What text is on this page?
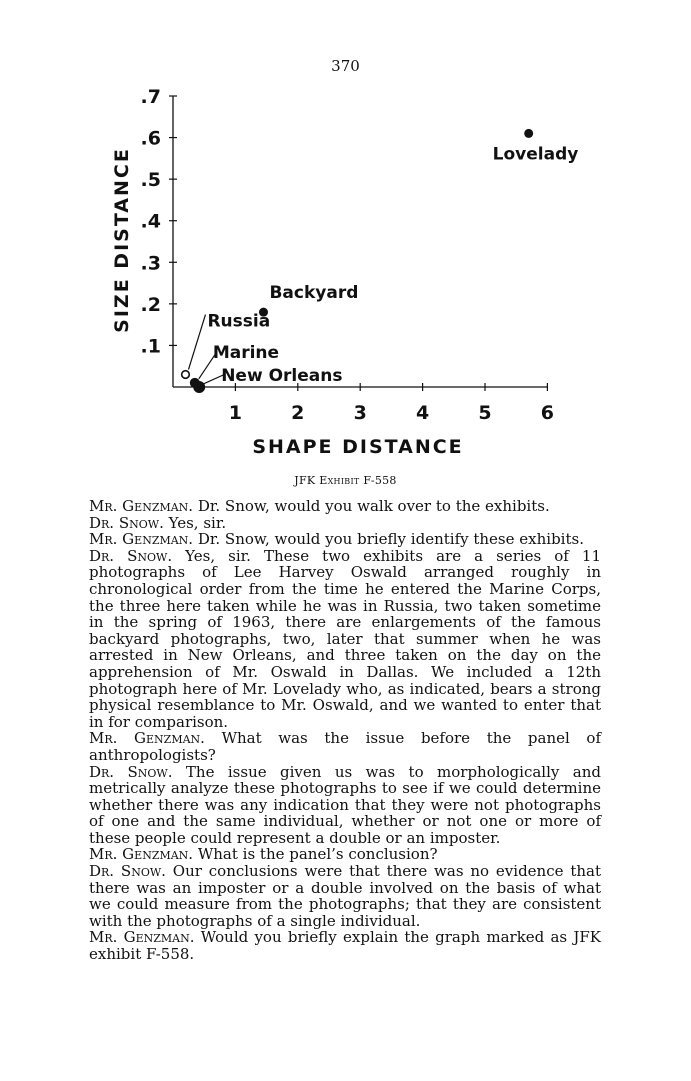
370
.1
.2
.3
.4
.5
.6
.7
1	2	3	4	5	6
Lovelady
Backyard
Russia
Marine
New Orleans
SIZE DISTANCE
SHAPE DISTANCE
JFK Exhibit F-558

Mr. Genzman. Dr. Snow, would you walk over to the exhibits.

Dr. Snow. Yes, sir.

Mr. Genzman. Dr. Snow, would you briefly identify these exhibits.

Dr. Snow. Yes, sir. These two exhibits are a series of 11 photographs of Lee Harvey Oswald arranged roughly in chronological order from the time he entered the Marine Corps, the three here taken while he was in Russia, two taken sometime in the spring of 1963, there are enlargements of the famous backyard photographs, two, later that summer when he was arrested in New Orleans, and three taken on the day on the apprehension of Mr. Oswald in Dallas. We included a 12th photograph here of Mr. Lovelady who, as indicated, bears a strong physical resemblance to Mr. Oswald, and we wanted to enter that in for comparison.

Mr. Genzman. What was the issue before the panel of anthropologists?

Dr. Snow. The issue given us was to morphologically and metrically analyze these photographs to see if we could determine whether there was any indication that they were not photographs of one and the same individual, whether or not one or more of these people could represent a double or an imposter.

Mr. Genzman. What is the panel’s conclusion?

Dr. Snow. Our conclusions were that there was no evidence that there was an imposter or a double involved on the basis of what we could measure from the photographs; that they are consistent with the photographs of a single individual.

Mr. Genzman. Would you briefly explain the graph marked as JFK exhibit F-558.
